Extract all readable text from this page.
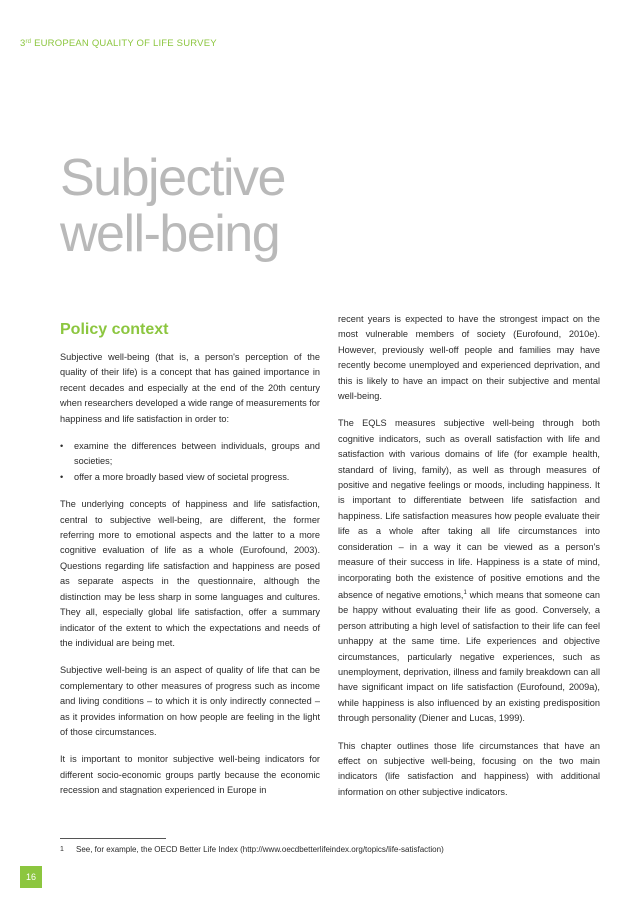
3rd EUROPEAN QUALITY OF LIFE SURVEY
Subjective
well-being
Policy context

Subjective well-being (that is, a person's perception of the quality of their life) is a concept that has gained importance in recent decades and especially at the end of the 20th century when researchers developed a wide range of measurements for happiness and life satisfaction in order to:

• examine the differences between individuals, groups and societies;
• offer a more broadly based view of societal progress.

The underlying concepts of happiness and life satisfaction, central to subjective well-being, are different, the former referring more to emotional aspects and the latter to a more cognitive evaluation of life as a whole (Eurofound, 2003). Questions regarding life satisfaction and happiness are posed as separate aspects in the questionnaire, although the distinction may be less sharp in some languages and cultures. They all, especially global life satisfaction, offer a summary indicator of the extent to which the expectations and needs of the individual are being met.

Subjective well-being is an aspect of quality of life that can be complementary to other measures of progress such as income and living conditions – to which it is only indirectly connected – as it provides information on how people are feeling in the light of those circumstances.

It is important to monitor subjective well-being indicators for different socio-economic groups partly because the economic recession and stagnation experienced in Europe in

recent years is expected to have the strongest impact on the most vulnerable members of society (Eurofound, 2010e). However, previously well-off people and families may have recently become unemployed and experienced deprivation, and this is likely to have an impact on their subjective and mental well-being.

The EQLS measures subjective well-being through both cognitive indicators, such as overall satisfaction with life and satisfaction with various domains of life (for example health, standard of living, family), as well as through measures of positive and negative feelings or moods, including happiness. It is important to differentiate between life satisfaction and happiness. Life satisfaction measures how people evaluate their life as a whole after taking all life circumstances into consideration – in a way it can be viewed as a person's measure of their success in life. Happiness is a state of mind, incorporating both the existence of positive emotions and the absence of negative emotions,$^1$ which means that someone can be happy without evaluating their life as good. Conversely, a person attributing a high level of satisfaction to their life can feel unhappy at the same time. Life experiences and objective circumstances, particularly negative experiences, such as unemployment, deprivation, illness and family breakdown can all have significant impact on life satisfaction (Eurofound, 2009a), while happiness is also influenced by an existing predisposition through personality (Diener and Lucas, 1999).

This chapter outlines those life circumstances that have an effect on subjective well-being, focusing on the two main indicators (life satisfaction and happiness) with additional information on other subjective indicators.

1 See, for example, the OECD Better Life Index (http://www.oecdbetterlifeindex.org/topics/life-satisfaction)
16
